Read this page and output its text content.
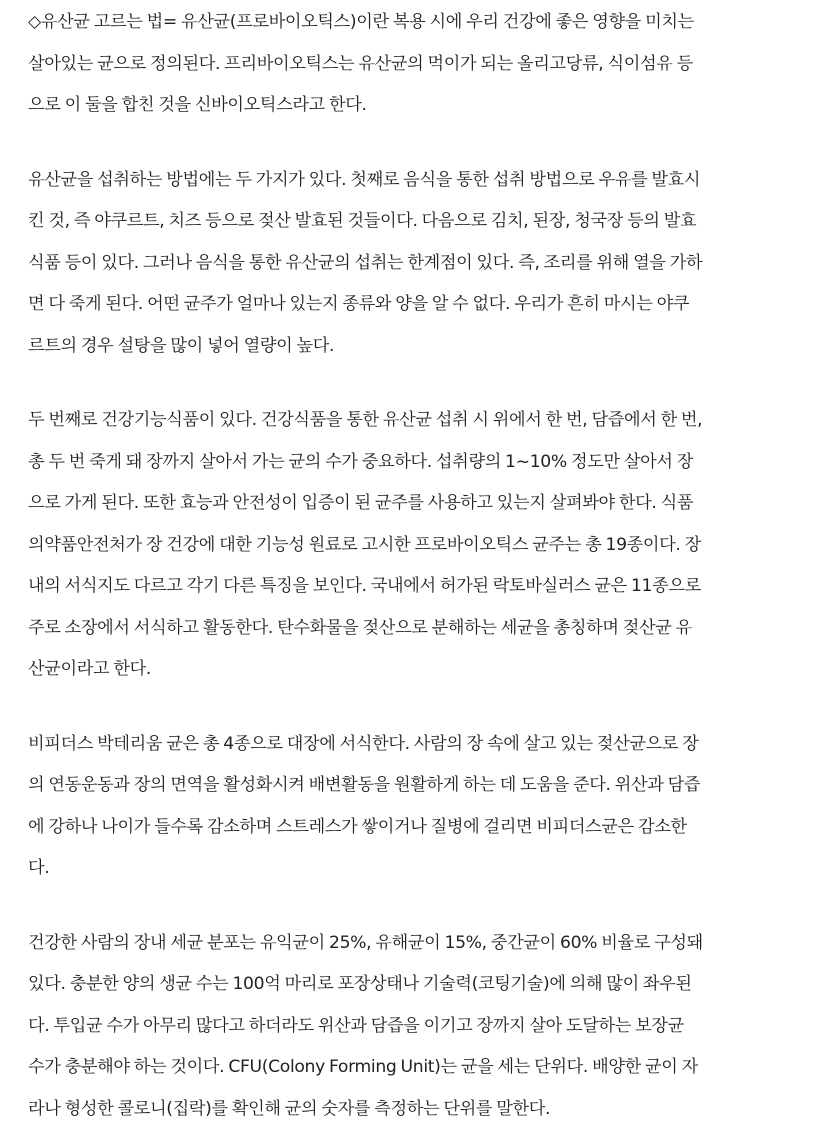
◇유산균 고르는 법= 유산균(프로바이오틱스)이란 복용 시에 우리 건강에 좋은 영향을 미치는
살아있는 균으로 정의된다. 프리바이오틱스는 유산균의 먹이가 되는 올리고당류, 식이섬유 등
으로 이 둘을 합친 것을 신바이오틱스라고 한다.
유산균을 섭취하는 방법에는 두 가지가 있다. 첫째로 음식을 통한 섭취 방법으로 우유를 발효시
킨 것, 즉 야쿠르트, 치즈 등으로 젖산 발효된 것들이다. 다음으로 김치, 된장, 청국장 등의 발효
식품 등이 있다. 그러나 음식을 통한 유산균의 섭취는 한계점이 있다. 즉, 조리를 위해 열을 가하
면 다 죽게 된다. 어떤 균주가 얼마나 있는지 종류와 양을 알 수 없다. 우리가 흔히 마시는 야쿠
르트의 경우 설탕을 많이 넣어 열량이 높다.
두 번째로 건강기능식품이 있다. 건강식품을 통한 유산균 섭취 시 위에서 한 번, 담즙에서 한 번,
총 두 번 죽게 돼 장까지 살아서 가는 균의 수가 중요하다. 섭취량의 1~10% 정도만 살아서 장
으로 가게 된다. 또한 효능과 안전성이 입증이 된 균주를 사용하고 있는지 살펴봐야 한다. 식품
의약품안전처가 장 건강에 대한 기능성 원료로 고시한 프로바이오틱스 균주는 총 19종이다. 장
내의 서식지도 다르고 각기 다른 특징을 보인다. 국내에서 허가된 락토바실러스 균은 11종으로
주로 소장에서 서식하고 활동한다. 탄수화물을 젖산으로 분해하는 세균을 총칭하며 젖산균 유
산균이라고 한다.
비피더스 박테리움 균은 총 4종으로 대장에 서식한다. 사람의 장 속에 살고 있는 젖산균으로 장
의 연동운동과 장의 면역을 활성화시켜 배변활동을 원활하게 하는 데 도움을 준다. 위산과 담즙
에 강하나 나이가 들수록 감소하며 스트레스가 쌓이거나 질병에 걸리면 비피더스균은 감소한
다.
건강한 사람의 장내 세균 분포는 유익균이 25%, 유해균이 15%, 중간균이 60% 비율로 구성돼
있다. 충분한 양의 생균 수는 100억 마리로 포장상태나 기술력(코팅기술)에 의해 많이 좌우된
다. 투입균 수가 아무리 많다고 하더라도 위산과 담즙을 이기고 장까지 살아 도달하는 보장균
수가 충분해야 하는 것이다. CFU(Colony Forming Unit)는 균을 세는 단위다. 배양한 균이 자
라나 형성한 콜로니(집락)를 확인해 균의 숫자를 측정하는 단위를 말한다.
